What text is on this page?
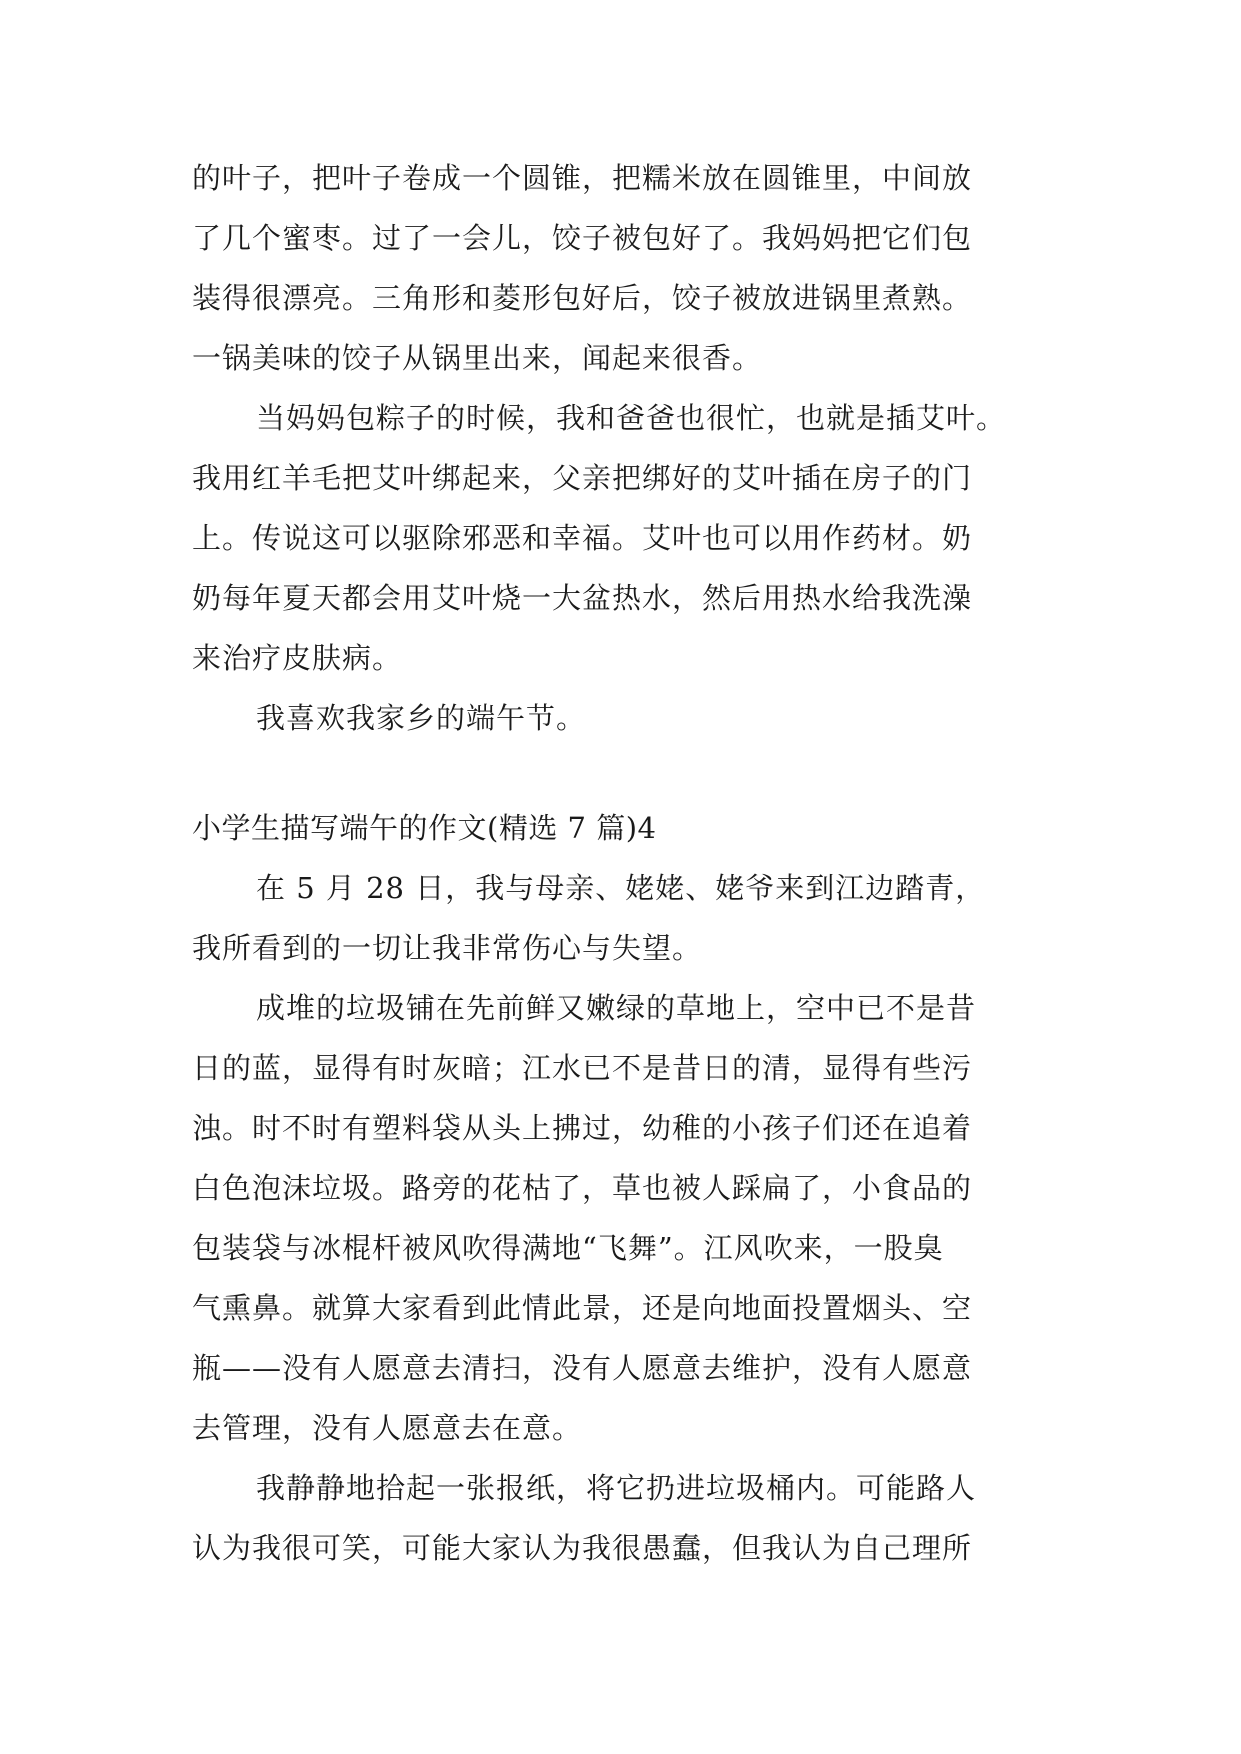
的叶子，把叶子卷成一个圆锥，把糯米放在圆锥里，中间放
了几个蜜枣。过了一会儿，饺子被包好了。我妈妈把它们包
装得很漂亮。三角形和菱形包好后，饺子被放进锅里煮熟。
一锅美味的饺子从锅里出来，闻起来很香。
当妈妈包粽子的时候，我和爸爸也很忙，也就是插艾叶。
我用红羊毛把艾叶绑起来，父亲把绑好的艾叶插在房子的门
上。传说这可以驱除邪恶和幸福。艾叶也可以用作药材。奶
奶每年夏天都会用艾叶烧一大盆热水，然后用热水给我洗澡
来治疗皮肤病。
我喜欢我家乡的端午节。
小学生描写端午的作文(精选 7 篇)4
在 5 月 28 日，我与母亲、姥姥、姥爷来到江边踏青，
我所看到的一切让我非常伤心与失望。
成堆的垃圾铺在先前鲜又嫩绿的草地上，空中已不是昔
日的蓝，显得有时灰暗；江水已不是昔日的清，显得有些污
浊。时不时有塑料袋从头上拂过，幼稚的小孩子们还在追着
白色泡沫垃圾。路旁的花枯了，草也被人踩扁了，小食品的
包装袋与冰棍杆被风吹得满地“飞舞”。江风吹来，一股臭
气熏鼻。就算大家看到此情此景，还是向地面投置烟头、空
瓶——没有人愿意去清扫，没有人愿意去维护，没有人愿意
去管理，没有人愿意去在意。
我静静地拾起一张报纸，将它扔进垃圾桶内。可能路人
认为我很可笑，可能大家认为我很愚蠢，但我认为自己理所
